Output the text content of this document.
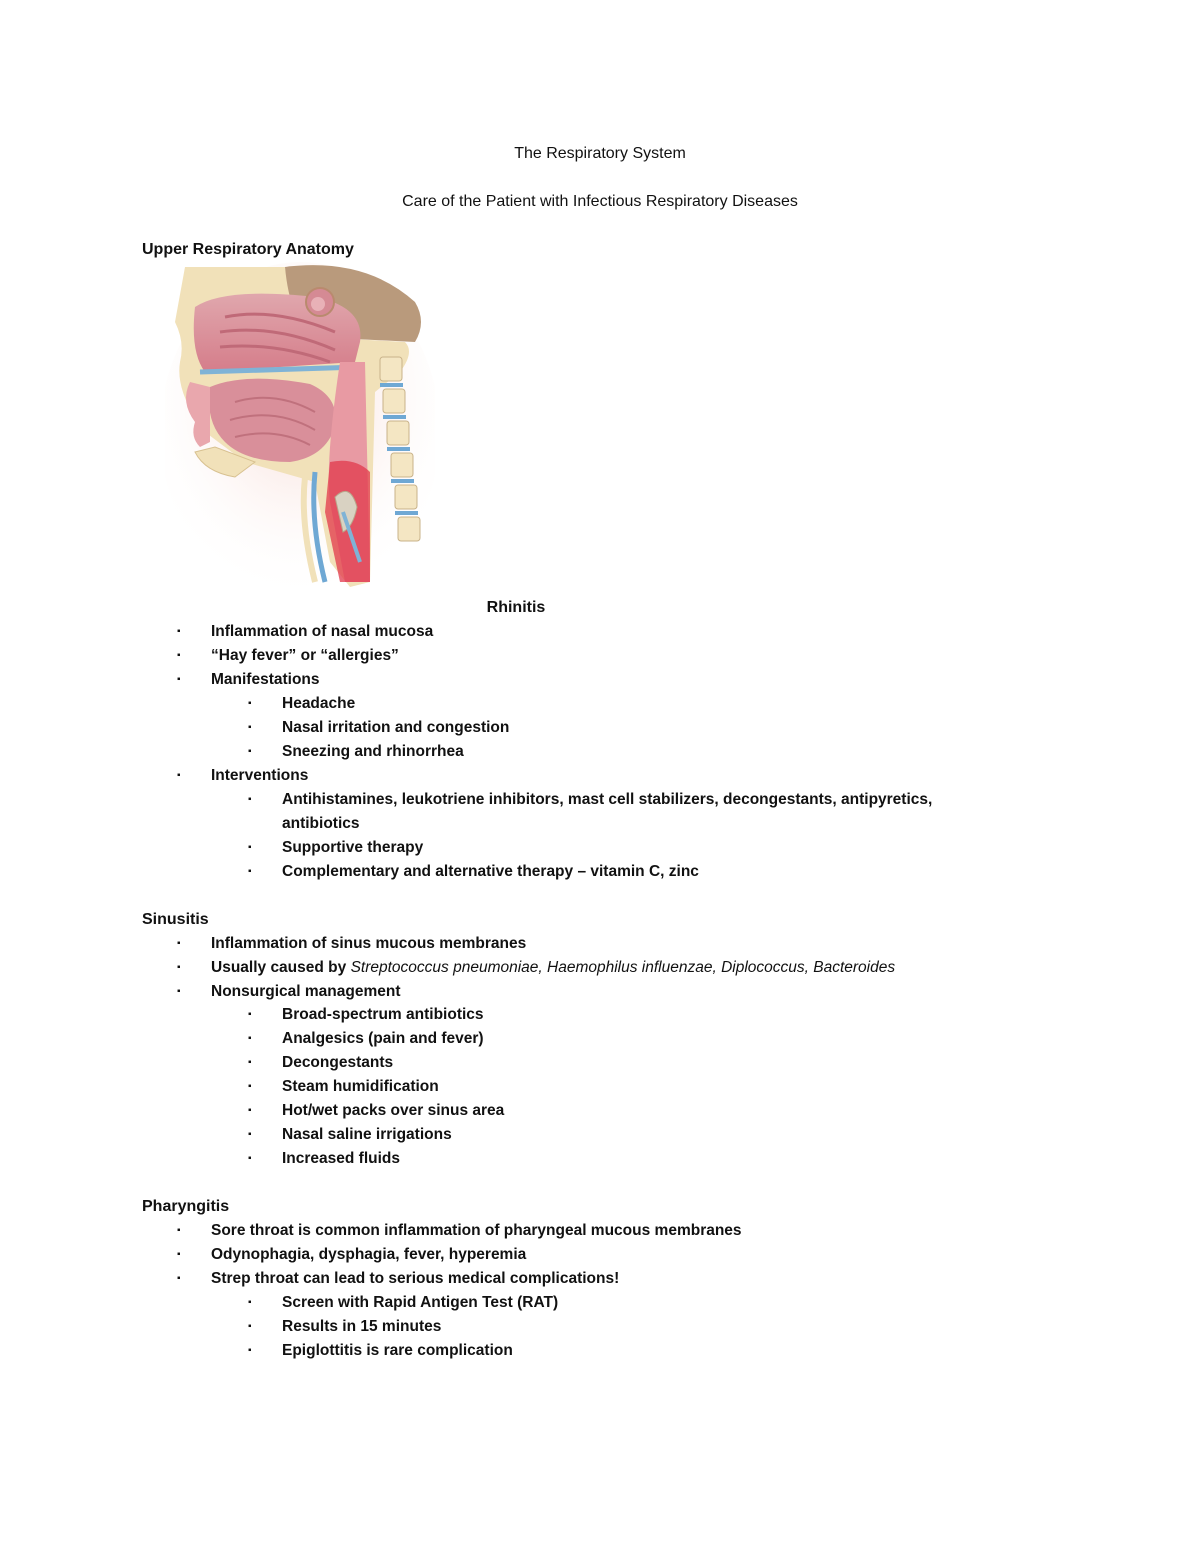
The Respiratory System
Care of the Patient with Infectious Respiratory Diseases
Upper Respiratory Anatomy
Rhinitis
▪ Inflammation of nasal mucosa
▪ “Hay fever” or “allergies”
▪ Manifestations
▪ Headache
▪ Nasal irritation and congestion
▪ Sneezing and rhinorrhea
▪ Interventions
▪ Antihistamines, leukotriene inhibitors, mast cell stabilizers, decongestants, antipyretics,
antibiotics
▪ Supportive therapy
▪ Complementary and alternative therapy – vitamin C, zinc
Sinusitis
▪ Inflammation of sinus mucous membranes
▪ Usually caused by Streptococcus pneumoniae, Haemophilus influenzae, Diplococcus, Bacteroides
▪ Nonsurgical management
▪ Broad-spectrum antibiotics
▪ Analgesics (pain and fever)
▪ Decongestants
▪ Steam humidification
▪ Hot/wet packs over sinus area
▪ Nasal saline irrigations
▪ Increased fluids
Pharyngitis
▪ Sore throat is common inflammation of pharyngeal mucous membranes
▪ Odynophagia, dysphagia, fever, hyperemia
▪ Strep throat can lead to serious medical complications!
▪ Screen with Rapid Antigen Test (RAT)
▪ Results in 15 minutes
▪ Epiglottitis is rare complication
